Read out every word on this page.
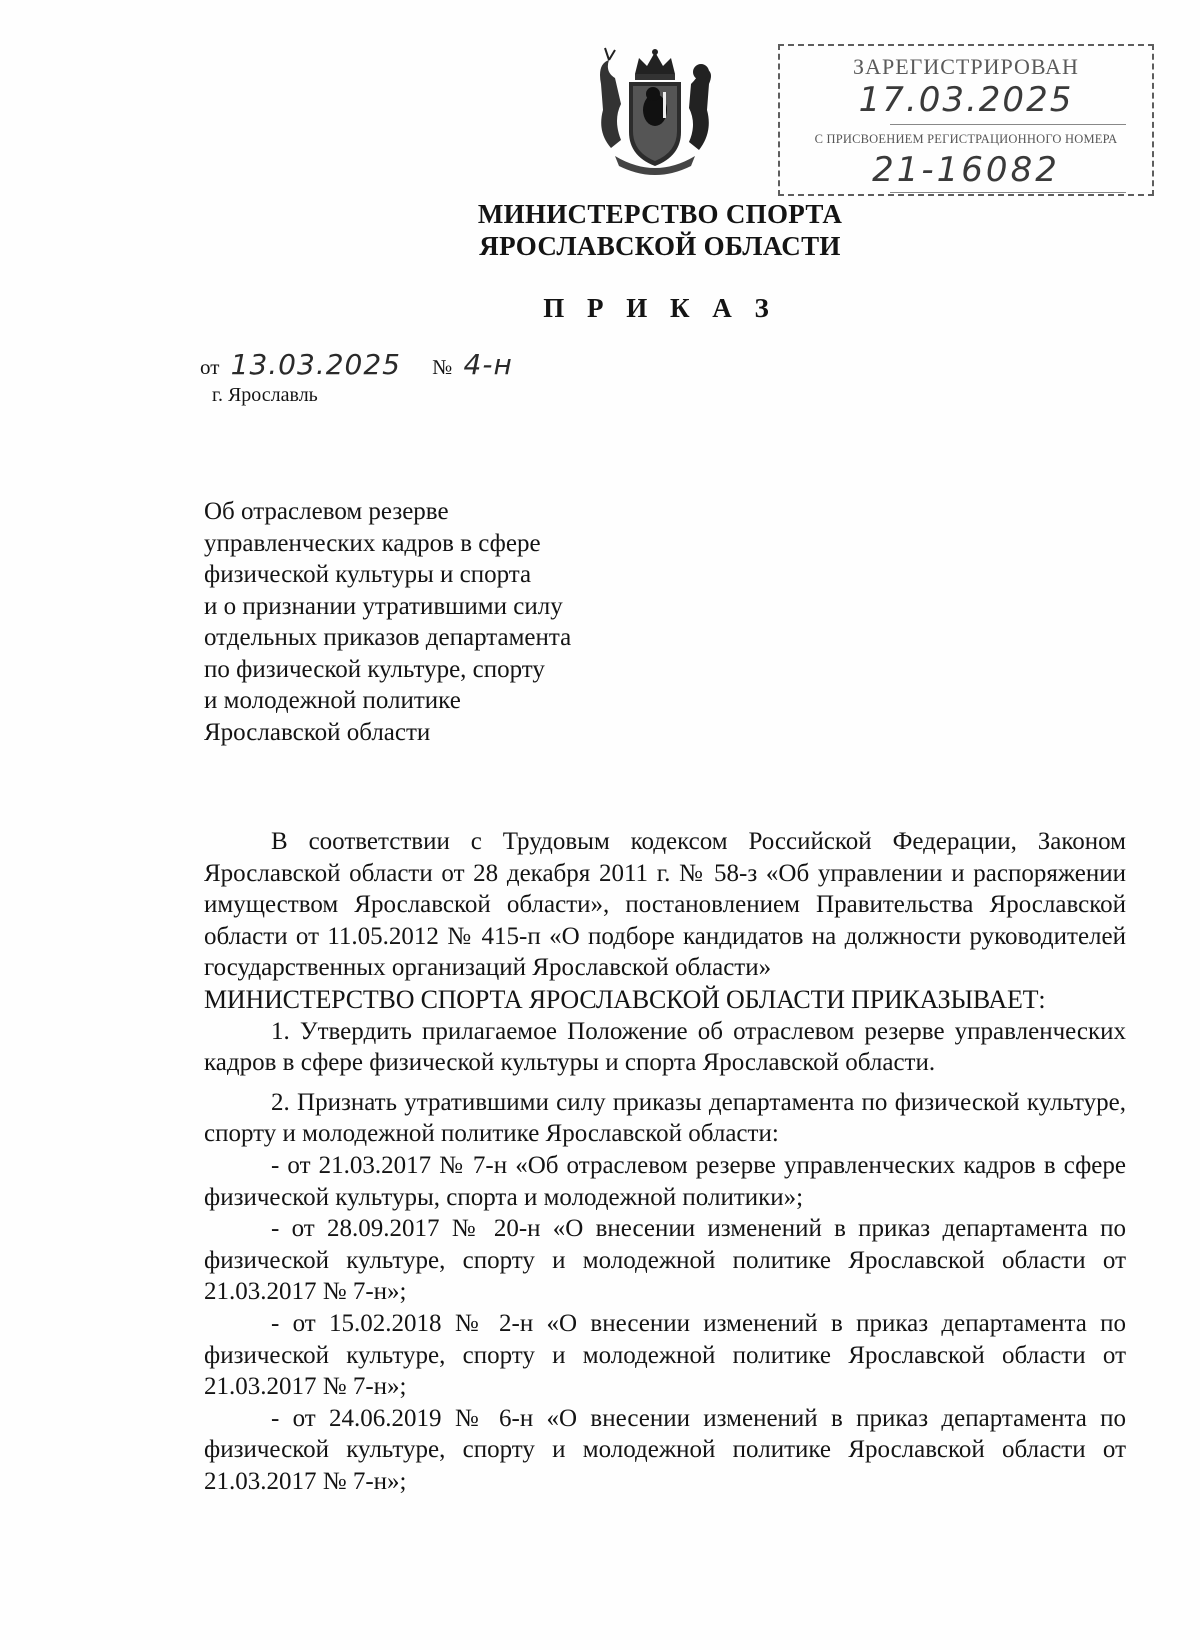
ЗАРЕГИСТРИРОВАН
17.03.2025
С ПРИСВОЕНИЕМ РЕГИСТРАЦИОННОГО НОМЕРА
21-16082
МИНИСТЕРСТВО СПОРТА
ЯРОСЛАВСКОЙ ОБЛАСТИ
П Р И К А З
от 13.03.2025 № 4-н
г. Ярославль
Об отраслевом резерве
управленческих кадров в сфере
физической культуры и спорта
и о признании утратившими силу
отдельных приказов департамента
по физической культуре, спорту
и молодежной политике
Ярославской области

В соответствии с Трудовым кодексом Российской Федерации, Законом Ярославской области от 28 декабря 2011 г. № 58-з «Об управлении и распоряжении имуществом Ярославской области», постановлением Правительства Ярославской области от 11.05.2012 № 415-п «О подборе кандидатов на должности руководителей государственных организаций Ярославской области»

МИНИСТЕРСТВО СПОРТА ЯРОСЛАВСКОЙ ОБЛАСТИ ПРИКАЗЫВАЕТ:

1. Утвердить прилагаемое Положение об отраслевом резерве управленческих кадров в сфере физической культуры и спорта Ярославской области.

2. Признать утратившими силу приказы департамента по физической культуре, спорту и молодежной политике Ярославской области:

- от 21.03.2017 № 7-н «Об отраслевом резерве управленческих кадров в сфере физической культуры, спорта и молодежной политики»;

- от 28.09.2017 № 20-н «О внесении изменений в приказ департамента по физической культуре, спорту и молодежной политике Ярославской области от 21.03.2017 № 7-н»;

- от 15.02.2018 № 2-н «О внесении изменений в приказ департамента по физической культуре, спорту и молодежной политике Ярославской области от 21.03.2017 № 7-н»;

- от 24.06.2019 № 6-н «О внесении изменений в приказ департамента по физической культуре, спорту и молодежной политике Ярославской области от 21.03.2017 № 7-н»;
